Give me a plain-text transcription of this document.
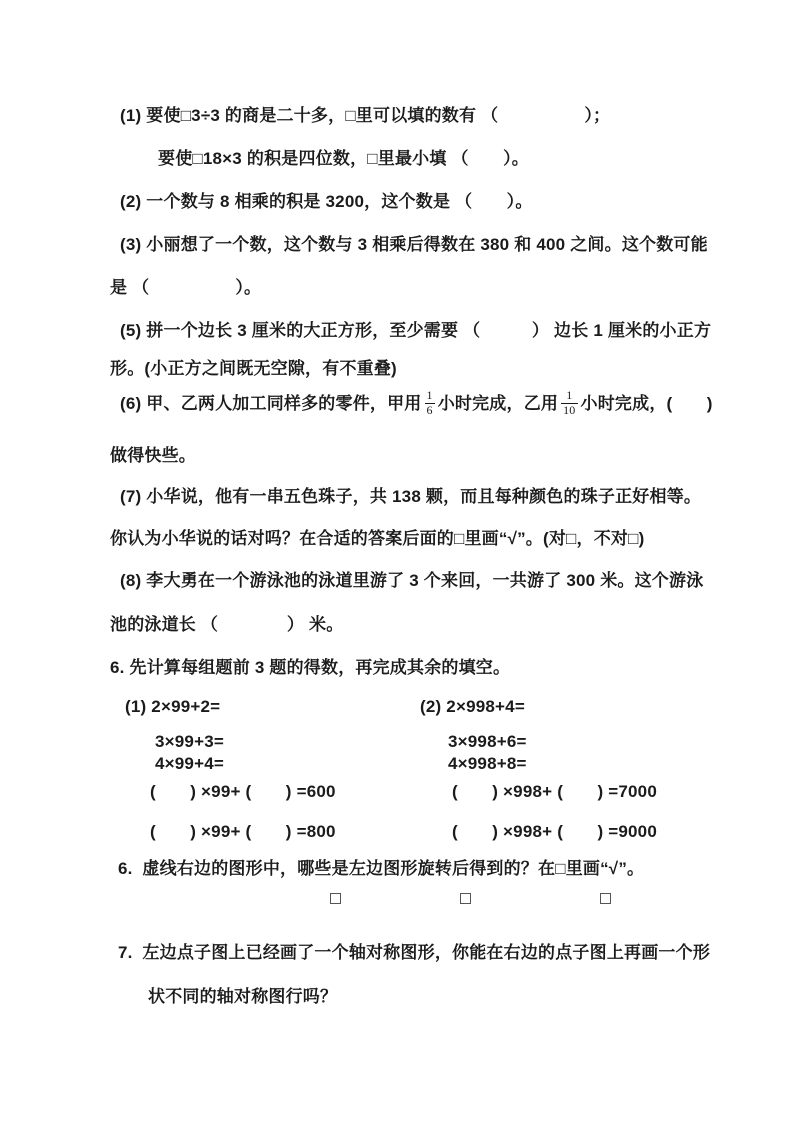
(1) 要使□3÷3 的商是二十多，□里可以填的数有 （　　　　　）；
要使□18×3 的积是四位数，□里最小填 （　　）。
(2) 一个数与 8 相乘的积是 3200，这个数是 （　　）。
(3) 小丽想了一个数，这个数与 3 相乘后得数在 380 和 400 之间。这个数可能
是 （　　　　　）。
(5) 拼一个边长 3 厘米的大正方形，至少需要 （　　　） 边长 1 厘米的小正方
形。(小正方之间既无空隙，有不重叠)
(6) 甲、乙两人加工同样多的零件，甲用 $\frac{1}{6}$ 小时完成，乙用 $\frac{1}{10}$ 小时完成，(　　)
做得快些。
(7) 小华说，他有一串五色珠子，共 138 颗，而且每种颜色的珠子正好相等。
你认为小华说的话对吗？在合适的答案后面的□里画“√”。(对□，不对□)
(8) 李大勇在一个游泳池的泳道里游了 3 个来回，一共游了 300 米。这个游泳
池的泳道长 （　　　　） 米。
6. 先计算每组题前 3 题的得数，再完成其余的填空。
(1) 2×99+2=
3×99+3=
4×99+4=
(　　) ×99+ (　　) =600
(　　) ×99+ (　　) =800
(2) 2×998+4=
3×998+6=
4×998+8=
(　　) ×998+ (　　) =7000
(　　) ×998+ (　　) =9000
6.  虚线右边的图形中，哪些是左边图形旋转后得到的？在□里画“√”。
7.  左边点子图上已经画了一个轴对称图形，你能在右边的点子图上再画一个形
状不同的轴对称图行吗？
